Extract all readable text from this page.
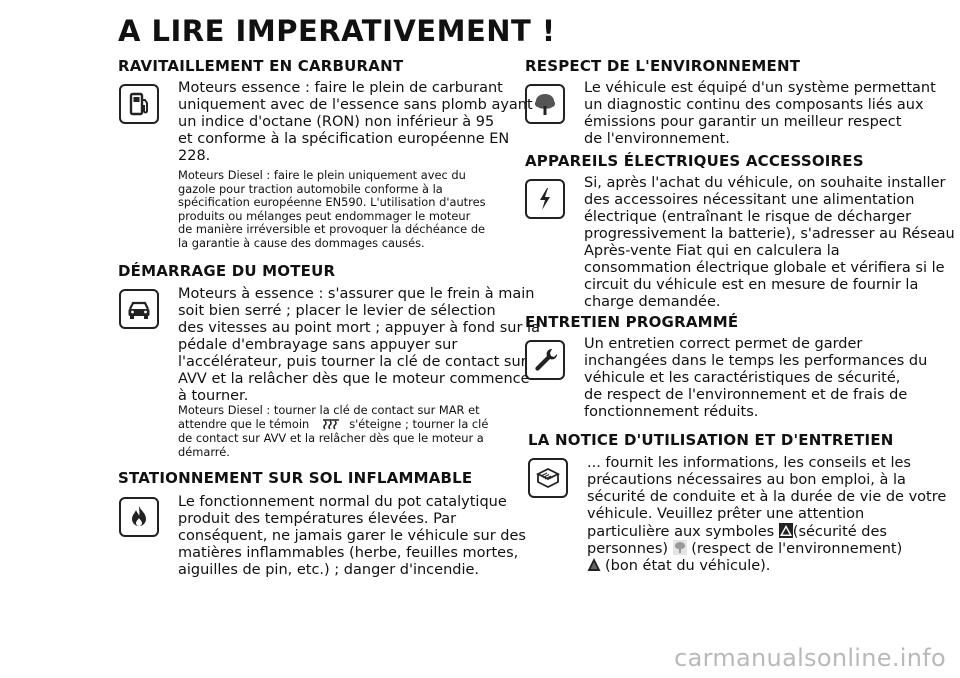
A LIRE IMPERATIVEMENT !
RAVITAILLEMENT EN CARBURANT

Moteurs essence : faire le plein de carburant
uniquement avec de l'essence sans plomb ayant
un indice d'octane (RON) non inférieur à 95
et conforme à la spécification européenne EN
228.

Moteurs Diesel : faire le plein uniquement avec du
gazole pour traction automobile conforme à la
spécification européenne EN590. L'utilisation d'autres
produits ou mélanges peut endommager le moteur
de manière irréversible et provoquer la déchéance de
la garantie à cause des dommages causés.

DÉMARRAGE DU MOTEUR

Moteurs à essence : s'assurer que le frein à main
soit bien serré ; placer le levier de sélection
des vitesses au point mort ; appuyer à fond sur la
pédale d'embrayage sans appuyer sur
l'accélérateur, puis tourner la clé de contact sur
AVV et la relâcher dès que le moteur commence
à tourner.

Moteurs Diesel : tourner la clé de contact sur MAR et

attendre que le témoin	s'éteigne ; tourner la clé

de contact sur AVV et la relâcher dès que le moteur a
démarré.

STATIONNEMENT SUR SOL INFLAMMABLE

Le fonctionnement normal du pot catalytique
produit des températures élevées. Par
conséquent, ne jamais garer le véhicule sur des
matières inflammables (herbe, feuilles mortes,
aiguilles de pin, etc.) ; danger d'incendie.

RESPECT DE L'ENVIRONNEMENT

Le véhicule est équipé d'un système permettant
un diagnostic continu des composants liés aux
émissions pour garantir un meilleur respect
de l'environnement.

APPAREILS ÉLECTRIQUES ACCESSOIRES

Si, après l'achat du véhicule, on souhaite installer
des accessoires nécessitant une alimentation
électrique (entraînant le risque de décharger
progressivement la batterie), s'adresser au Réseau
Après-vente Fiat qui en calculera la
consommation électrique globale et vérifiera si le
circuit du véhicule est en mesure de fournir la
charge demandée.

ENTRETIEN PROGRAMMÉ

Un entretien correct permet de garder
inchangées dans le temps les performances du
véhicule et les caractéristiques de sécurité,
de respect de l'environnement et de frais de
fonctionnement réduits.

LA NOTICE D'UTILISATION ET D'ENTRETIEN

... fournit les informations, les conseils et les
précautions nécessaires au bon emploi, à la
sécurité de conduite et à la durée de vie de votre
véhicule. Veuillez prêter une attention

particulière aux symboles (sécurité des

personnes) (respect de l'environnement)

(bon état du véhicule).

carmanualsonline.info
